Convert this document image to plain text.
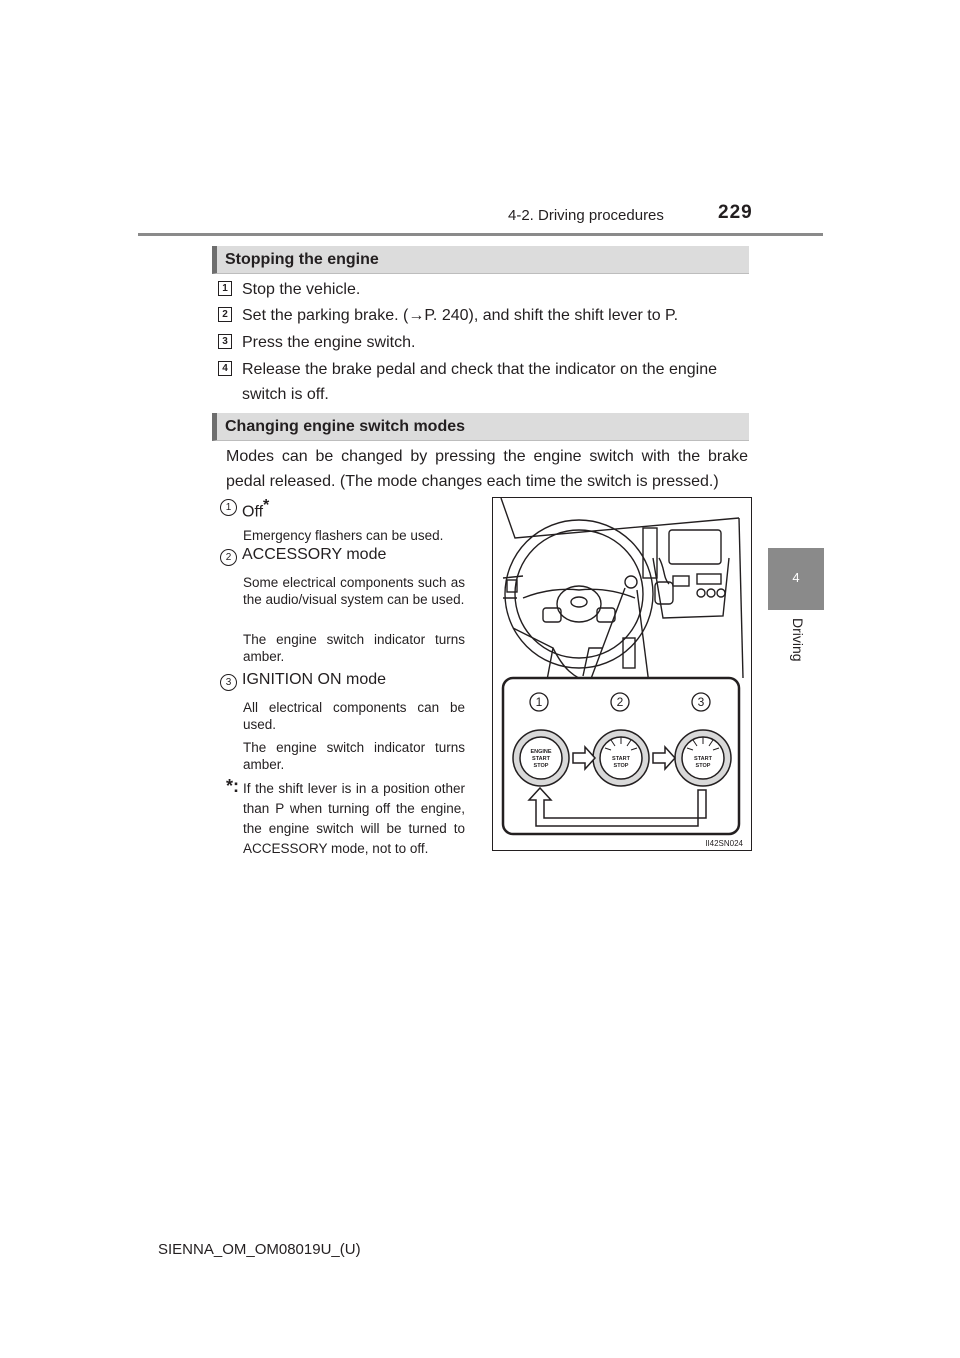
4-2. Driving procedures	229
4
Driving
Stopping the engine
1 Stop the vehicle.
2 Set the parking brake. (→P. 240), and shift the shift lever to P.
3 Press the engine switch.
4 Release the brake pedal and check that the indicator on the engine switch is off.
Changing engine switch modes
Modes can be changed by pressing the engine switch with the brake pedal released. (The mode changes each time the switch is pressed.)
1 Off*
Emergency flashers can be used.
2 ACCESSORY mode
Some electrical components such as the audio/visual system can be used.
The engine switch indicator turns amber.
3 IGNITION ON mode
All electrical components can be used.
The engine switch indicator turns amber.
*: If the shift lever is in a position other than P when turning off the engine, the engine switch will be turned to ACCESSORY mode, not to off.
1	2	3
ENGINE
START
STOP
START
STOP
START
STOP
II42SN024
SIENNA_OM_OM08019U_(U)
